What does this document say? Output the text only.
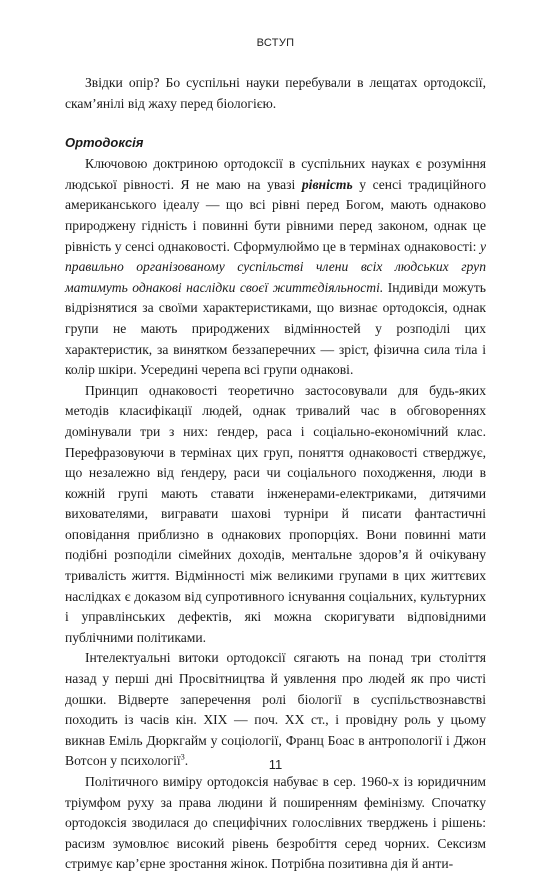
ВСТУП

Звідки опір? Бо суспільні науки перебували в лещатах ортодоксії, скам’янілі від жаху перед біологією.

Ортодоксія

Ключовою доктриною ортодоксії в суспільних науках є розуміння людської рівності. Я не маю на увазі рівність у сенсі традиційного американського ідеалу — що всі рівні перед Богом, мають однаково природжену гідність і повинні бути рівними перед законом, однак це рівність у сенсі однаковості. Сформулюймо це в термінах однаковості: у правильно організованому суспільстві члени всіх людських груп матимуть однакові наслідки своєї життєдіяльності. Індивіди можуть відрізнятися за своїми характеристиками, що визнає ортодоксія, однак групи не мають природжених відмінностей у розподілі цих характеристик, за винятком беззаперечних — зріст, фізична сила тіла і колір шкіри. Усередині черепа всі групи однакові.

Принцип однаковості теоретично застосовували для будь-яких методів класифікації людей, однак тривалий час в обговореннях домінували три з них: ґендер, раса і соціально-економічний клас. Перефразовуючи в термінах цих груп, поняття однаковості стверджує, що незалежно від ґендеру, раси чи соціального походження, люди в кожній групі мають ставати інженерами-електриками, дитячими вихователями, вигравати шахові турніри й писати фантастичні оповідання приблизно в однакових пропорціях. Вони повинні мати подібні розподіли сімейних доходів, ментальне здоров’я й очікувану тривалість життя. Відмінності між великими групами в цих життєвих наслідках є доказом від супротивного існування соціальних, культурних і управлінських дефектів, які можна скоригувати відповідними публічними політиками.

Інтелектуальні витоки ортодоксії сягають на понад три століття назад у перші дні Просвітництва й уявлення про людей як про чисті дошки. Відверте заперечення ролі біології в суспільствознавстві походить із часів кін. XIX — поч. XX ст., і провідну роль у цьому викнав Еміль Дюркгайм у соціології, Франц Боас в антропології і Джон Вотсон у психології$^3$.

Політичного виміру ортодоксія набуває в сер. 1960-х із юридичним тріумфом руху за права людини й поширенням фемінізму. Спочатку ортодоксія зводилася до специфічних голослівних тверджень і рішень: расизм зумовлює високий рівень безробіття серед чорних. Сексизм стримує кар’єрне зростання жінок. Потрібна позитивна дія й анти-

11
